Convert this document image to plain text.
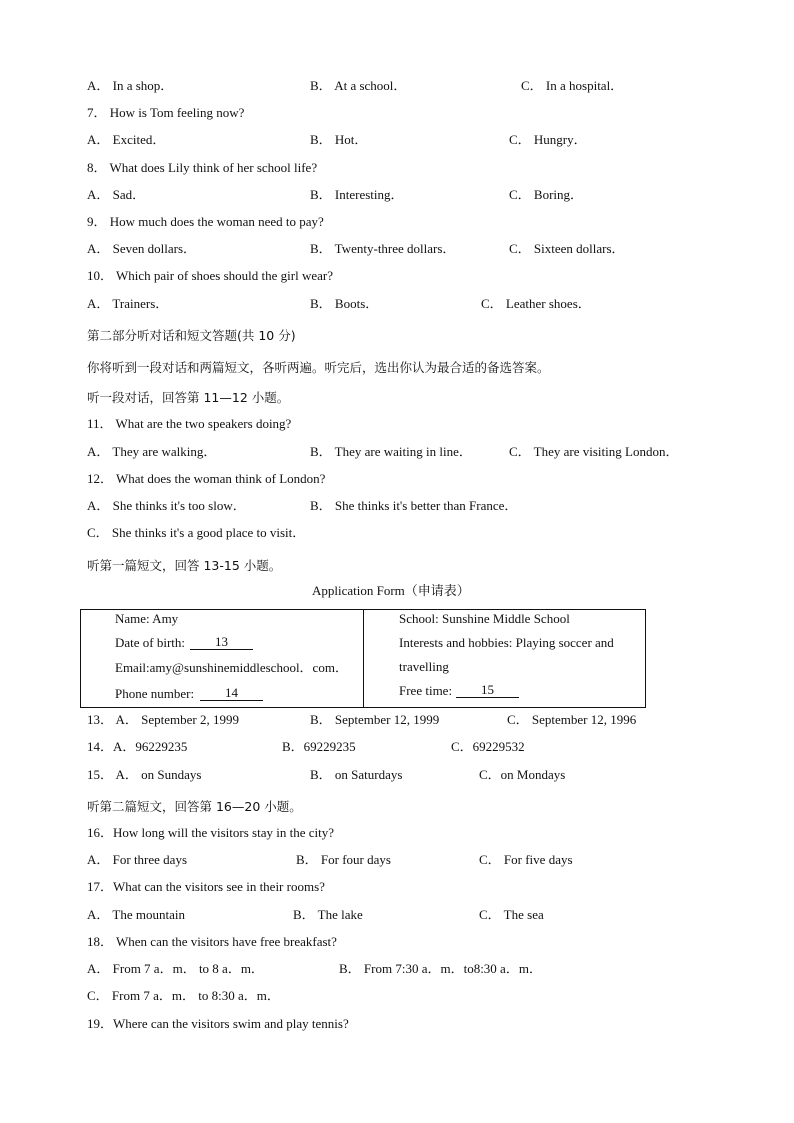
A． In a shop．	B． At a school．	C． In a hospital．
7． How is Tom feeling now?
A． Excited．	B． Hot．	C． Hungry．
8． What does Lily think of her school life?
A． Sad．	B． Interesting．	C． Boring．
9． How much does the woman need to pay?
A． Seven dollars．	B． Twenty-three dollars．	C． Sixteen dollars．
10． Which pair of shoes should the girl wear?
A． Trainers．	B． Boots．	C． Leather shoes．
第二部分听对话和短文答题(共 10 分)
你将听到一段对话和两篇短文，各听两遍。听完后，选出你认为最合适的备选答案。
听一段对话，回答第 11—12 小题。
11． What are the two speakers doing?
A． They are walking．	B． They are waiting in line．	C． They are visiting London．
12． What does the woman think of London?
A． She thinks it's too slow．	B． She thinks it's better than France．
C． She thinks it's a good place to visit．
听第一篇短文，回答 13-15 小题。
Application Form（申请表）
Name: Amy
Date of birth:	13
Email:amy@sunshinemiddleschool．com．
Phone number:	14
School: Sunshine Middle School
Interests and hobbies: Playing soccer and
travelling
Free time:	15
13． A． September 2, 1999	B． September 12, 1999	C． September 12, 1996
14．A．96229235	B．69229235	C．69229532
15． A． on Sundays	B． on Saturdays	C．on Mondays
听第二篇短文，回答第 16—20 小题。
16．How long will the visitors stay in the city?
A． For three days	B． For four days	C． For five days
17．What can the visitors see in their rooms?
A． The mountain	B． The lake	C． The sea
18． When can the visitors have free breakfast?
A． From 7 a．m． to 8 a．m．	B． From 7:30 a．m．to8:30 a．m．
C． From 7 a．m． to 8:30 a．m．
19．Where can the visitors swim and play tennis?
